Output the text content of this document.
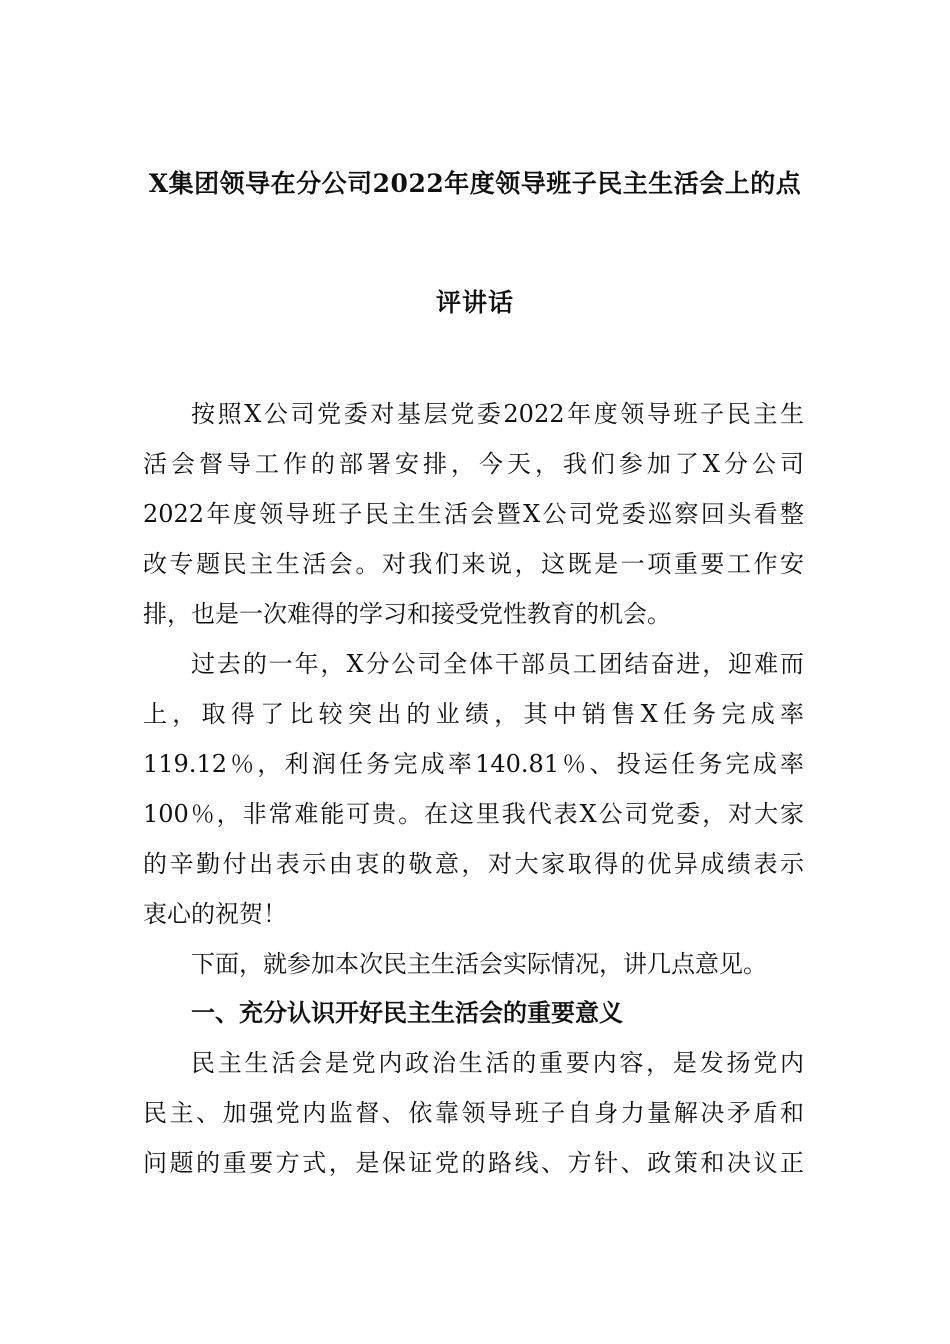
X集团领导在分公司2022年度领导班子民主生活会上的点
评讲话
按照X公司党委对基层党委2022年度领导班子民主生
活会督导工作的部署安排，今天，我们参加了X分公司
2022年度领导班子民主生活会暨X公司党委巡察回头看整
改专题民主生活会。对我们来说，这既是一项重要工作安
排，也是一次难得的学习和接受党性教育的机会。
过去的一年，X分公司全体干部员工团结奋进，迎难而
上，取得了比较突出的业绩，其中销售X任务完成率
119.12％，利润任务完成率140.81％、投运任务完成率
100％，非常难能可贵。在这里我代表X公司党委，对大家
的辛勤付出表示由衷的敬意，对大家取得的优异成绩表示
衷心的祝贺！
下面，就参加本次民主生活会实际情况，讲几点意见。
一、充分认识开好民主生活会的重要意义
民主生活会是党内政治生活的重要内容，是发扬党内
民主、加强党内监督、依靠领导班子自身力量解决矛盾和
问题的重要方式，是保证党的路线、方针、政策和决议正
